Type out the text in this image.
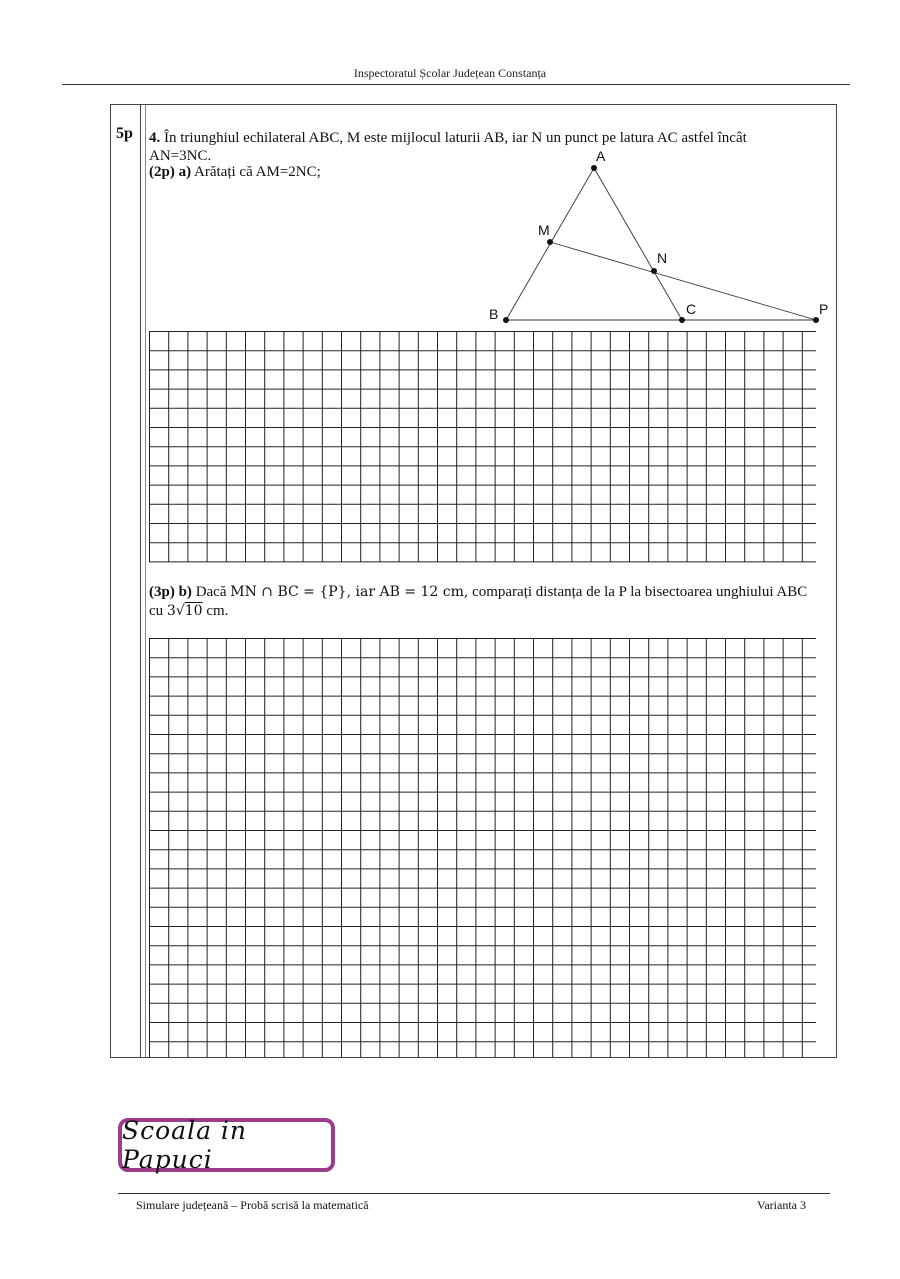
Inspectoratul Școlar Județean Constanța
5p 4. În triunghiul echilateral ABC, M este mijlocul laturii AB, iar N un punct pe latura AC astfel încât AN=3NC.
(2p) a) Arătați că AM=2NC;
(3p) b) Dacă MN ∩ BC = {P}, iar AB = 12 cm, comparați distanța de la P la bisectoarea unghiului ABC
cu 3√10 cm.
A
B	C
M
N
P
Scoala in Papuci
Simulare județeană – Probă scrisă la matematică	Varianta 3
